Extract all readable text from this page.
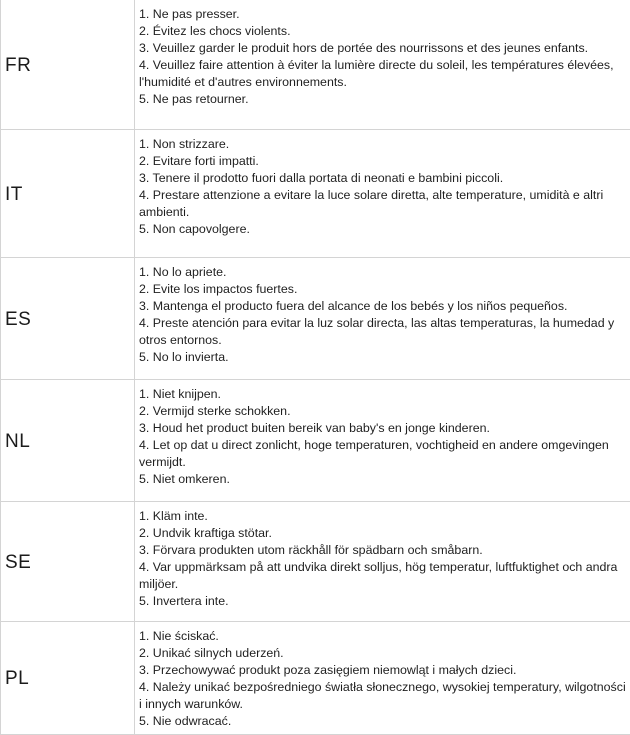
FR	1. Ne pas presser.
2. Évitez les chocs violents.
3. Veuillez garder le produit hors de portée des nourrissons et des jeunes enfants.
4. Veuillez faire attention à éviter la lumière directe du soleil, les températures élevées, l'humidité et d'autres environnements.
5. Ne pas retourner.

IT	1. Non strizzare.
2. Evitare forti impatti.
3. Tenere il prodotto fuori dalla portata di neonati e bambini piccoli.
4. Prestare attenzione a evitare la luce solare diretta, alte temperature, umidità e altri ambienti.
5. Non capovolgere.

ES	1. No lo apriete.
2. Evite los impactos fuertes.
3. Mantenga el producto fuera del alcance de los bebés y los niños pequeños.
4. Preste atención para evitar la luz solar directa, las altas temperaturas, la humedad y otros entornos.
5. No lo invierta.

NL	1. Niet knijpen.
2. Vermijd sterke schokken.
3. Houd het product buiten bereik van baby's en jonge kinderen.
4. Let op dat u direct zonlicht, hoge temperaturen, vochtigheid en andere omgevingen vermijdt.
5. Niet omkeren.

SE	1. Kläm inte.
2. Undvik kraftiga stötar.
3. Förvara produkten utom räckhåll för spädbarn och småbarn.
4. Var uppmärksam på att undvika direkt solljus, hög temperatur, luftfuktighet och andra miljöer.
5. Invertera inte.

PL	1. Nie ściskać.
2. Unikać silnych uderzeń.
3. Przechowywać produkt poza zasięgiem niemowląt i małych dzieci.
4. Należy unikać bezpośredniego światła słonecznego, wysokiej temperatury, wilgotności i innych warunków.
5. Nie odwracać.
